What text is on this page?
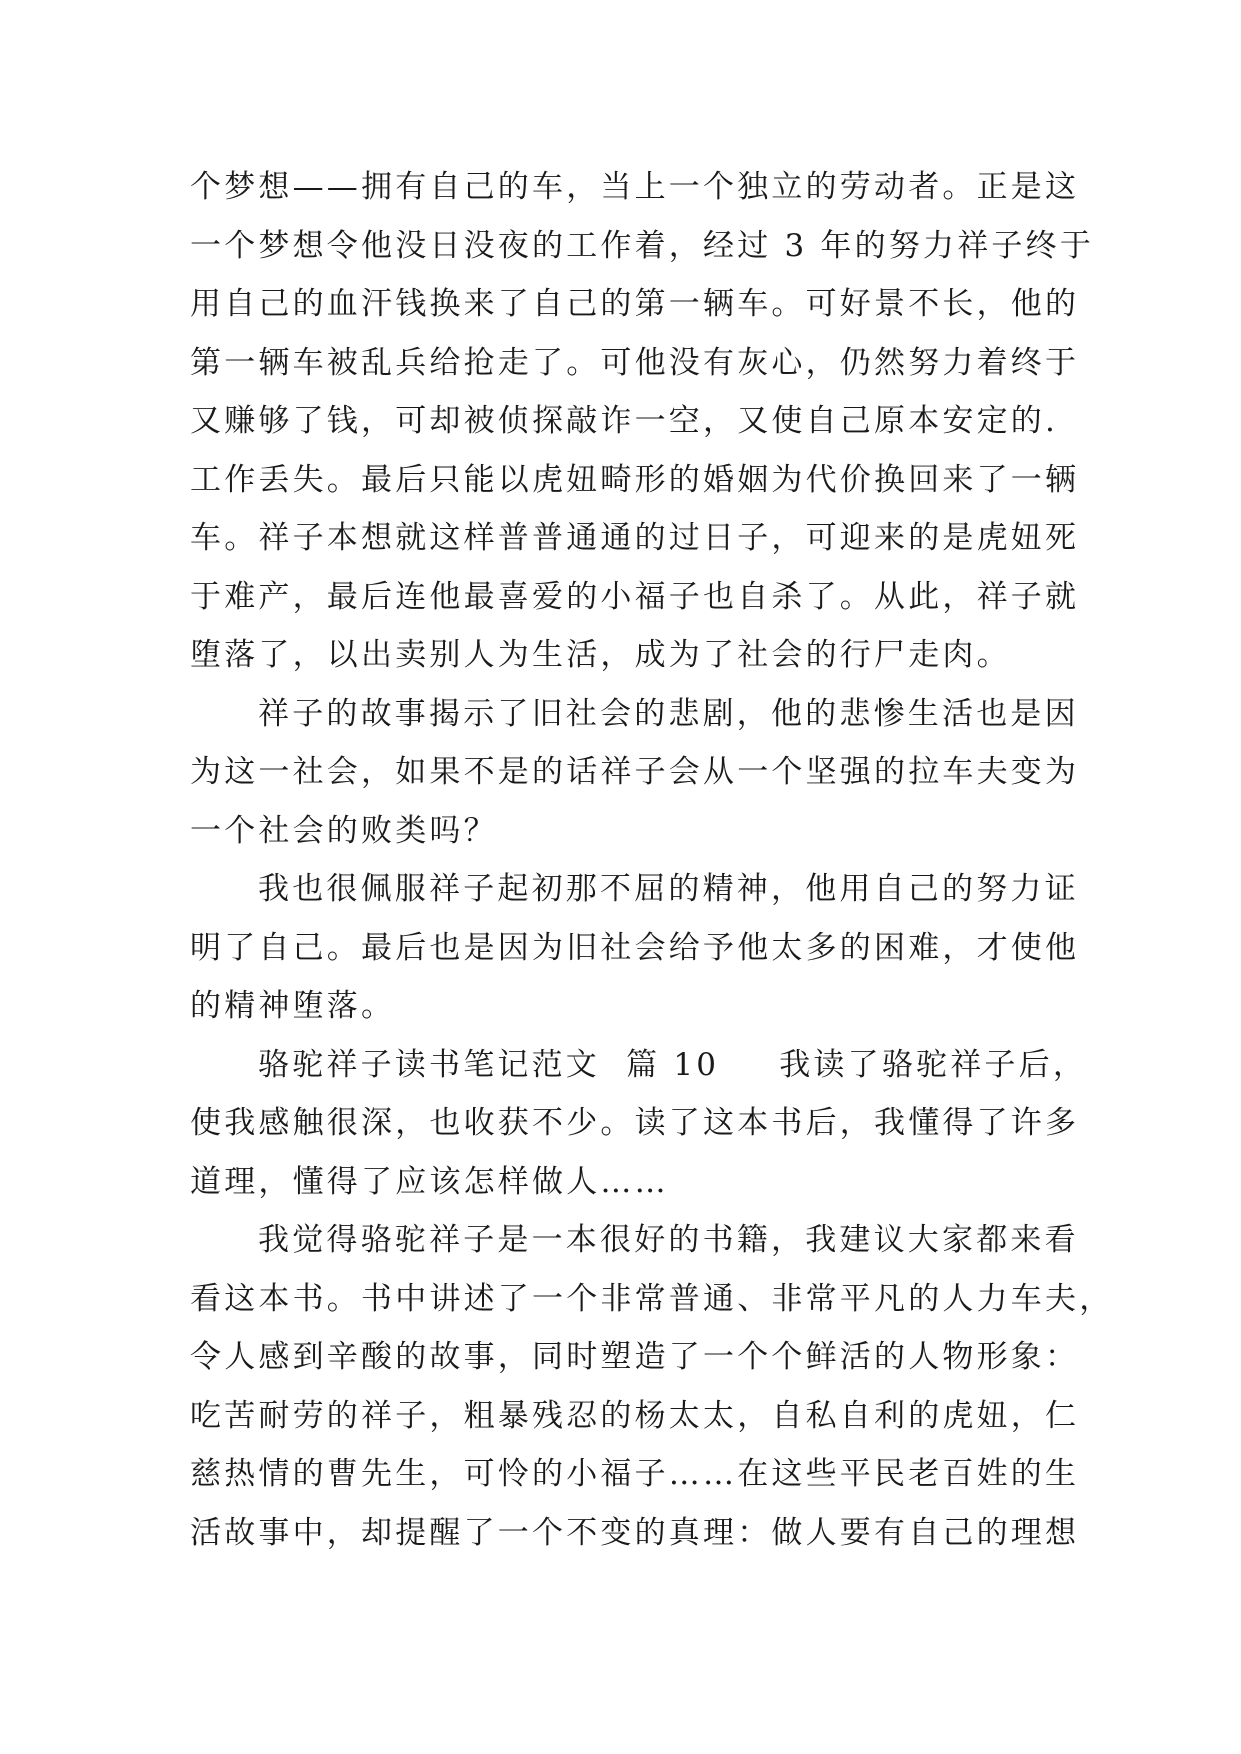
个梦想——拥有自己的车，当上一个独立的劳动者。正是这
一个梦想令他没日没夜的工作着，经过 3 年的努力祥子终于
用自己的血汗钱换来了自己的第一辆车。可好景不长，他的
第一辆车被乱兵给抢走了。可他没有灰心，仍然努力着终于
又赚够了钱，可却被侦探敲诈一空，又使自己原本安定的.
工作丢失。最后只能以虎妞畸形的婚姻为代价换回来了一辆
车。祥子本想就这样普普通通的过日子，可迎来的是虎妞死
于难产，最后连他最喜爱的小福子也自杀了。从此，祥子就
堕落了，以出卖别人为生活，成为了社会的行尸走肉。

祥子的故事揭示了旧社会的悲剧，他的悲惨生活也是因
为这一社会，如果不是的话祥子会从一个坚强的拉车夫变为
一个社会的败类吗？

我也很佩服祥子起初那不屈的精神，他用自己的努力证
明了自己。最后也是因为旧社会给予他太多的困难，才使他
的精神堕落。

骆驼祥子读书笔记范文  篇 10 我读了骆驼祥子后，
使我感触很深，也收获不少。读了这本书后，我懂得了许多
道理，懂得了应该怎样做人……

我觉得骆驼祥子是一本很好的书籍，我建议大家都来看
看这本书。书中讲述了一个非常普通、非常平凡的人力车夫，
令人感到辛酸的故事，同时塑造了一个个鲜活的人物形象：
吃苦耐劳的祥子，粗暴残忍的杨太太，自私自利的虎妞，仁
慈热情的曹先生，可怜的小福子……在这些平民老百姓的生
活故事中，却提醒了一个不变的真理：做人要有自己的理想
